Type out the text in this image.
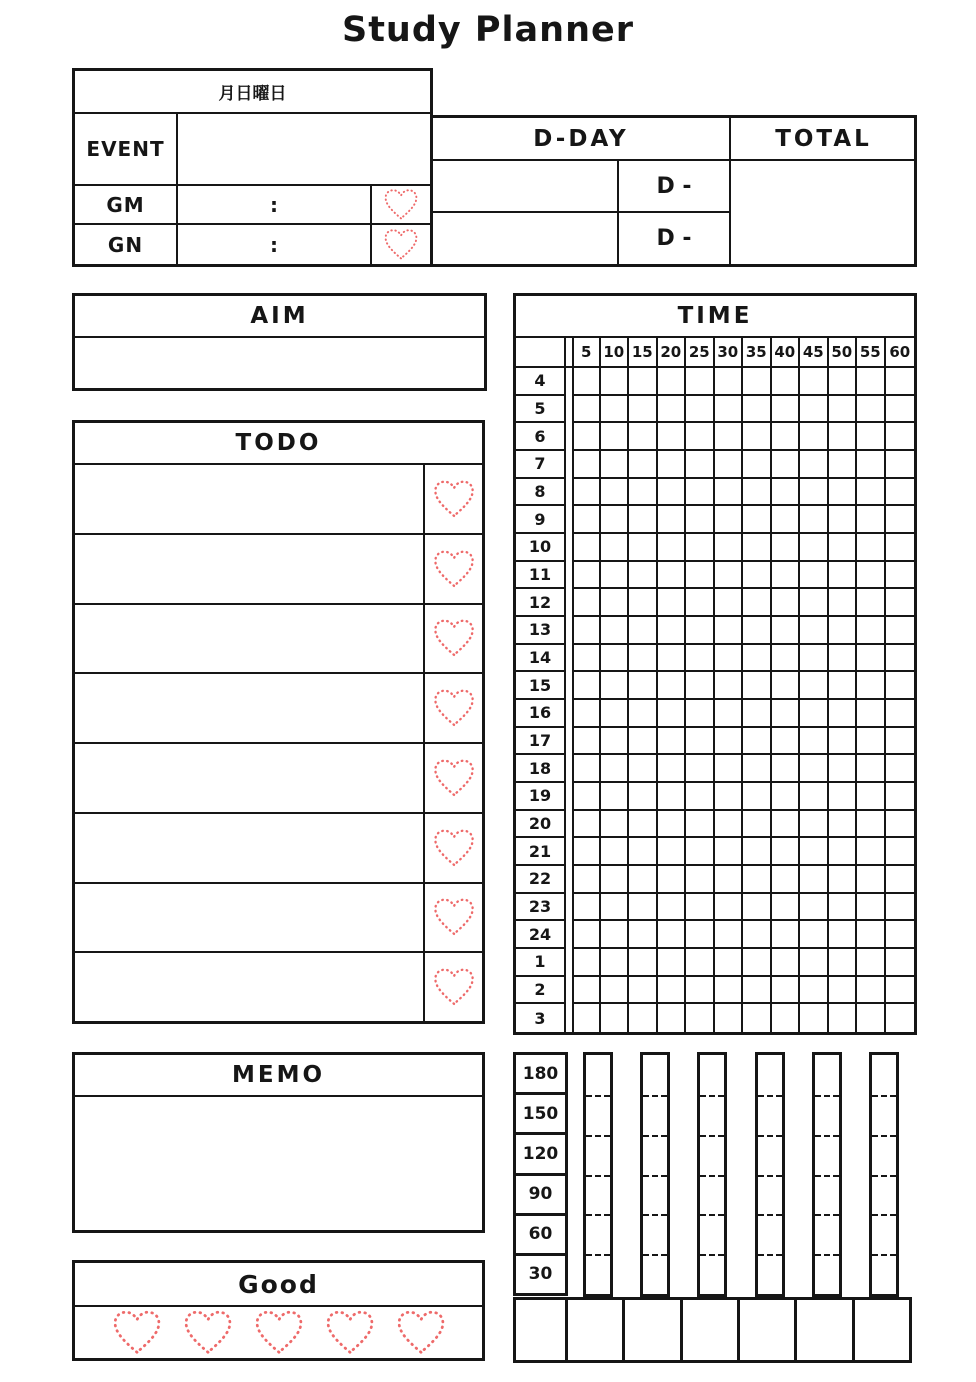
Study Planner
月 日 曜日
EVENT
GM	:
GN	:
D-DAY	TOTAL
D -
D -
AIM	TIME
5 10 15 20 25 30 35 40 45 50 55 60
4
5
6
7
8
9
10
11
12
13
14
15
16
17
18
19
20
21
22
23
24
1
2
3
TODO
MEMO
Good
180
150
120
90
60
30
